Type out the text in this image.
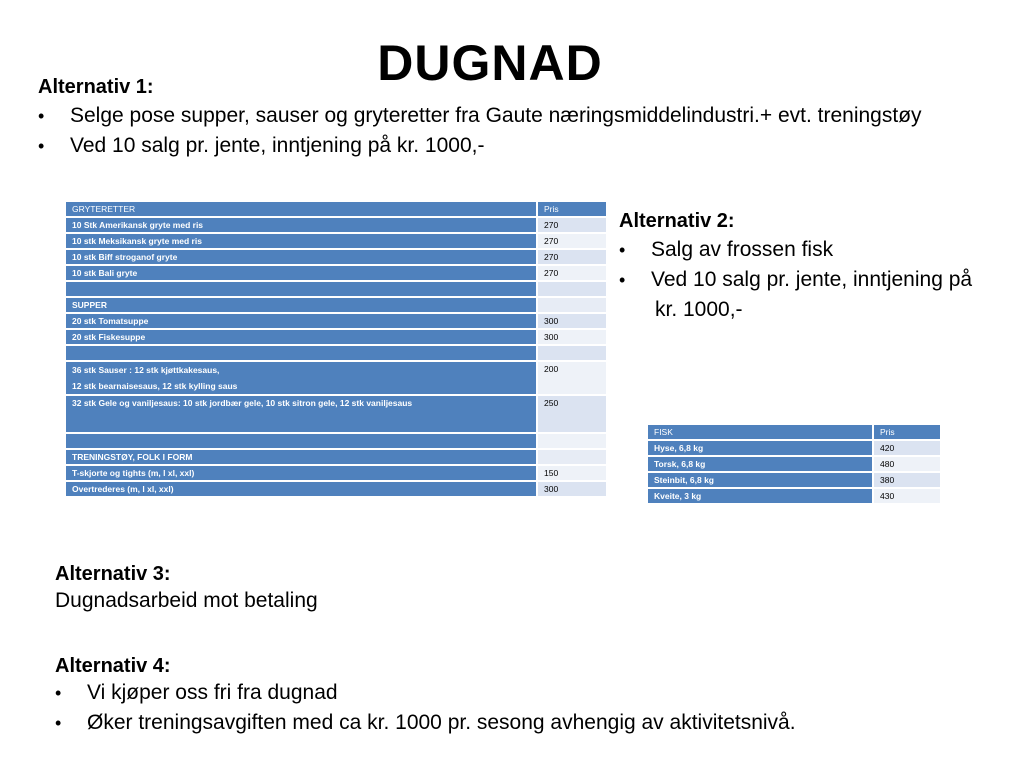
DUGNAD
Alternativ 1:
•	Selge pose supper, sauser og gryteretter fra Gaute næringsmiddelindustri.+ evt. treningstøy
•	Ved 10 salg pr. jente, inntjening på kr. 1000,-
GRYTERETTER	Pris
10 Stk Amerikansk gryte med ris	270
10 stk Meksikansk gryte med ris	270
10 stk Biff stroganof gryte	270
10 stk Bali gryte	270

SUPPER	
20 stk Tomatsuppe	300
20 stk Fiskesuppe	300

36 stk Sauser : 12 stk kjøttkakesaus,
12 stk bearnaisesaus, 12 stk kylling saus	200
32 stk Gele og vaniljesaus: 10 stk jordbær gele, 10 stk sitron gele, 12 stk vaniljesaus	250

TRENINGSTØY, FOLK I FORM	
T-skjorte og tights (m, l xl, xxl)	150
Overtrederes (m, l xl, xxl)	300
Alternativ 2:
•	Salg av frossen fisk
•	Ved 10 salg pr. jente, inntjening på
kr. 1000,-
FISK	Pris
Hyse, 6,8 kg	420
Torsk, 6,8 kg	480
Steinbit, 6,8 kg	380
Kveite, 3 kg	430
Alternativ 3:
Dugnadsarbeid mot betaling
Alternativ 4:
•	Vi kjøper oss fri fra dugnad
•	Øker treningsavgiften med ca kr. 1000 pr. sesong avhengig av aktivitetsnivå.
